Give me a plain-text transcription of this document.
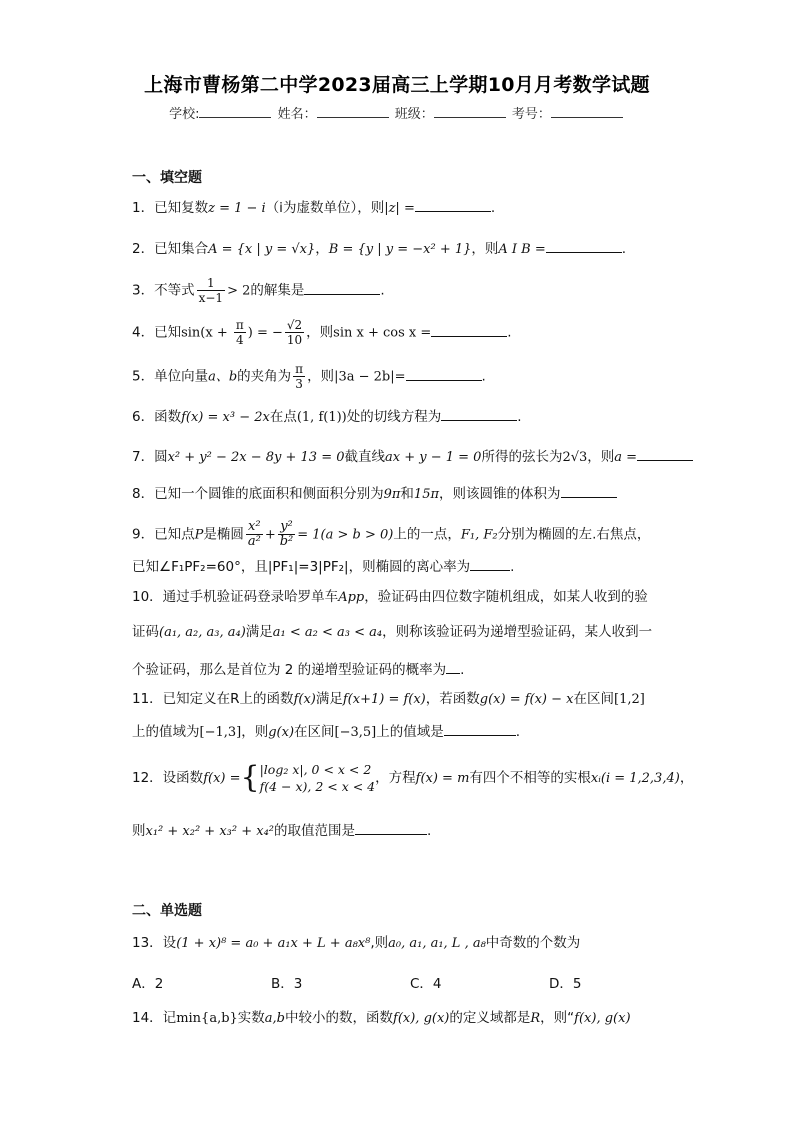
上海市曹杨第二中学2023届高三上学期10月月考数学试题
学校:	姓名：	班级：	考号：
一、填空题
1．已知复数z = 1 − i（i为虚数单位），则|z| =	.
2．已知集合A = {x | y = √x}，B = {y | y = −x² + 1}，则A I B =	.
3．不等式 $\frac{1}{x-1} > 2$的解集是	.
4．已知$\sin(x + \frac{\pi}{4}$ ) = − $\frac{√2}{10}$ ，则sin x + cos x =	.
5．单位向量a、b的夹角为 $\frac{\pi}{3}$ ，则|3a − 2b|=	.
6．函数f(x) = x³ − 2x在点(1, f(1))处的切线方程为	.
7．圆x² + y² − 2x − 8y + 13 = 0截直线ax + y − 1 = 0所得的弦长为2√3，则a =
8．已知一个圆锥的底面积和侧面积分别为9π和15π，则该圆锥的体积为
9．已知点P是椭圆 $\frac{\text{x²}}{\text{a²}} + \frac{\text{y²}}{\text{b²}} = 1(a > b > 0)$上的一点，F₁, F₂分别为椭圆的左.右焦点，
已知∠F₁PF₂=60°，且|PF₁|=3|PF₂|，则椭圆的离心率为	.
10．通过手机验证码登录哈罗单车App，验证码由四位数字随机组成，如某人收到的验
证码(a₁, a₂, a₃, a₄)满足a₁ < a₂ < a₃ < a₄，则称该验证码为递增型验证码，某人收到一
个验证码，那么是首位为 2 的递增型验证码的概率为 .
11．已知定义在R上的函数f(x)满足f(x+1) = f(x)，若函数g(x) = f(x) − x在区间[1,2]
上的值域为[−1,3]，则g(x)在区间[−3,5]上的值域是	.
12．设函数f(x) ={ |log₂ x|, 0 < x < 2
f(4 − x), 2 < x < 4
，方程f(x) = m有四个不相等的实根xᵢ(i = 1,2,3,4)，
则x₁² + x₂² + x₃² + x₄²的取值范围是	.
二、单选题
13．设(1 + x)⁸ = a₀ + a₁x + L + a₈x⁸,则a₀, a₁, a₁, L , a₈中奇数的个数为
A．2	B．3	C．4	D．5
14．记min{a,b}实数a,b中较小的数，函数f(x), g(x)的定义域都是R，则“f(x), g(x)
